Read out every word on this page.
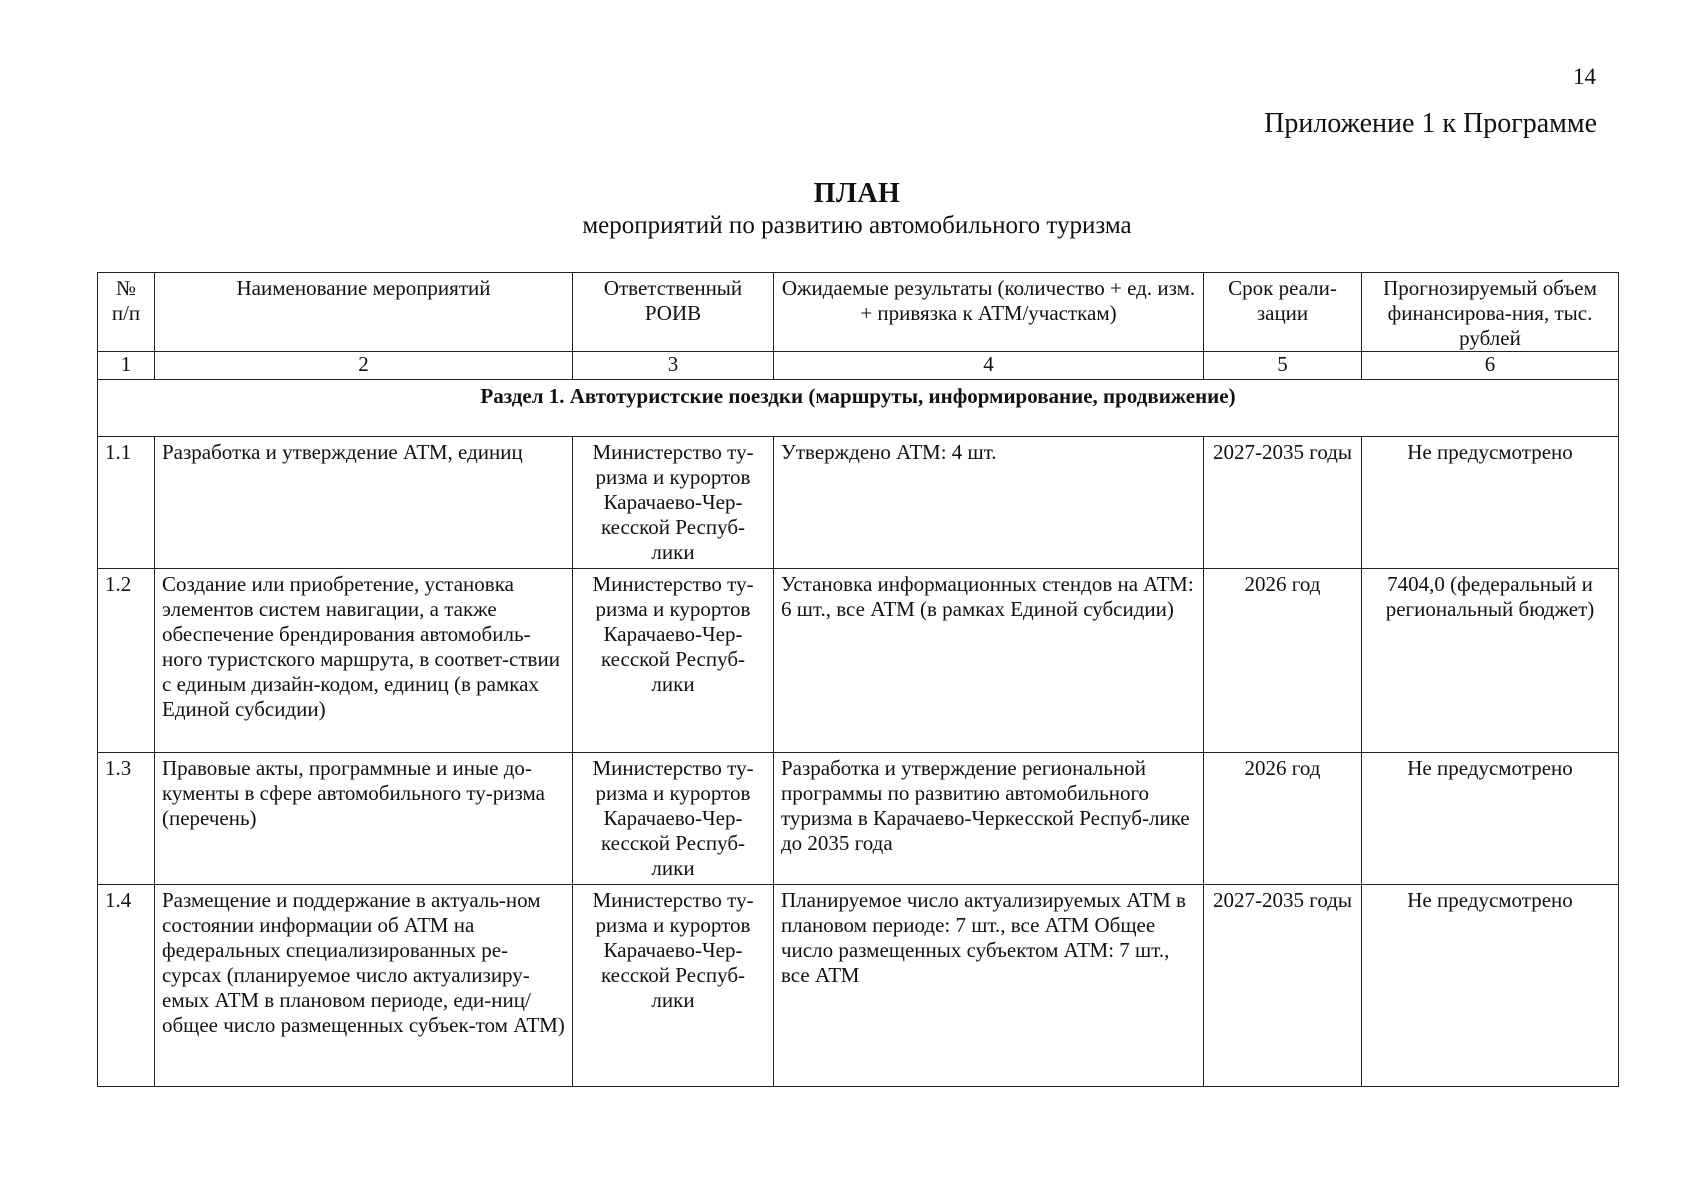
14
Приложение 1 к Программе
ПЛАН
мероприятий по развитию автомобильного туризма
№ п/п	Наименование мероприятий	Ответственный РОИВ	Ожидаемые результаты (количество + ед. изм. + привязка к АТМ/участкам)	Срок реали-зации	Прогнозируемый объем финансирова-ния, тыс. рублей
1	2	3	4	5	6
Раздел 1. Автотуристские поездки (маршруты, информирование, продвижение)					
1.1	Разработка и утверждение АТМ, единиц	Министерство ту-ризма и курортов Карачаево-Чер-кесской Респуб-лики	Утверждено АТМ: 4 шт.	2027-2035 годы	Не предусмотрено
1.2	Создание или приобретение, установка элементов систем навигации, а также обеспечение брендирования автомобиль-ного туристского маршрута, в соответ-ствии с единым дизайн-кодом, единиц (в рамках Единой субсидии)	Министерство ту-ризма и курортов Карачаево-Чер-кесской Респуб-лики	Установка информационных стендов на АТМ: 6 шт., все АТМ (в рамках Единой субсидии)	2026 год	7404,0 (федеральный и региональный бюджет)
1.3	Правовые акты, программные и иные до-кументы в сфере автомобильного ту-ризма (перечень)	Министерство ту-ризма и курортов Карачаево-Чер-кесской Респуб-лики	Разработка и утверждение региональной программы по развитию автомобильного туризма в Карачаево-Черкесской Респуб-лике до 2035 года	2026 год	Не предусмотрено
1.4	Размещение и поддержание в актуаль-ном состоянии информации об АТМ на федеральных специализированных ре-сурсах (планируемое число актуализиру-емых АТМ в плановом периоде, еди-ниц/общее число размещенных субъек-том АТМ)	Министерство ту-ризма и курортов Карачаево-Чер-кесской Респуб-лики	Планируемое число актуализируемых АТМ в плановом периоде: 7 шт., все АТМ Общее число размещенных субъектом АТМ: 7 шт., все АТМ	2027-2035 годы	Не предусмотрено
